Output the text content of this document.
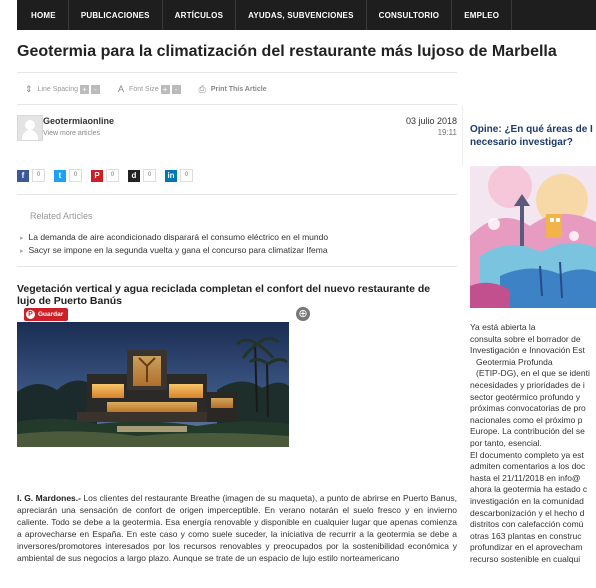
HOME	PUBLICACIONES	ARTÍCULOS	AYUDAS, SUBVENCIONES	CONSULTORIO	EMPLEO
Geotermia para la climatización del restaurante más lujoso de Marbella
⇕ Line Spacing + -	A Font Size + -	⎙ Print This Article
Geotermiaonline
View more articles
03 julio 2018
19:11
f	0	t	0	P	0	d	0	in	0
Related Articles
▸ La demanda de aire acondicionado disparará el consumo eléctrico en el mundo
▸ Sacyr se impone en la segunda vuelta y gana el concurso para climatizar Ifema
Vegetación vertical y agua reciclada completan el confort del nuevo restaurante de lujo de Puerto Banús
P Guardar	⊕
I. G. Mardones.- Los clientes del restaurante Breathe (imagen de su maqueta), a punto de abrirse en Puerto Banus, apreciarán una sensación de confort de origen imperceptible. En verano notarán el suelo fresco y en invierno caliente. Todo se debe a la geotermia. Esa energía renovable y disponible en cualquier lugar que apenas comienza a aprovecharse en España. En este caso y como suele suceder, la iniciativa de recurrir a la geotermia se debe a inversores/promotores interesados por los recursos renovables y preocupados por la sostenibilidad económica y ambiental de sus negocios a largo plazo. Aunque se trate de un espacio de lujo estilo norteamericano
Opine: ¿En qué áreas de I
necesario investigar?
Ya está abierta la
consulta sobre el borrador de
Investigación e Innovación Est
Geotermia Profunda
(ETIP-DG), en el que se identi
necesidades y prioridades de i
sector geotérmico profundo y
próximas convocatorias de pro
nacionales como el próximo p
Europe. La contribución del se
por tanto, esencial.
El documento completo ya est
admiten comentarios a los doc
hasta el 21/11/2018 en info@
ahora la geotermia ha estado c
investigación en la comunidad
descarbonización y el hecho d
distritos con calefacción comú
otras 163 plantas en construc
profundizar en el aprovecham
recurso sostenible en cualqui
